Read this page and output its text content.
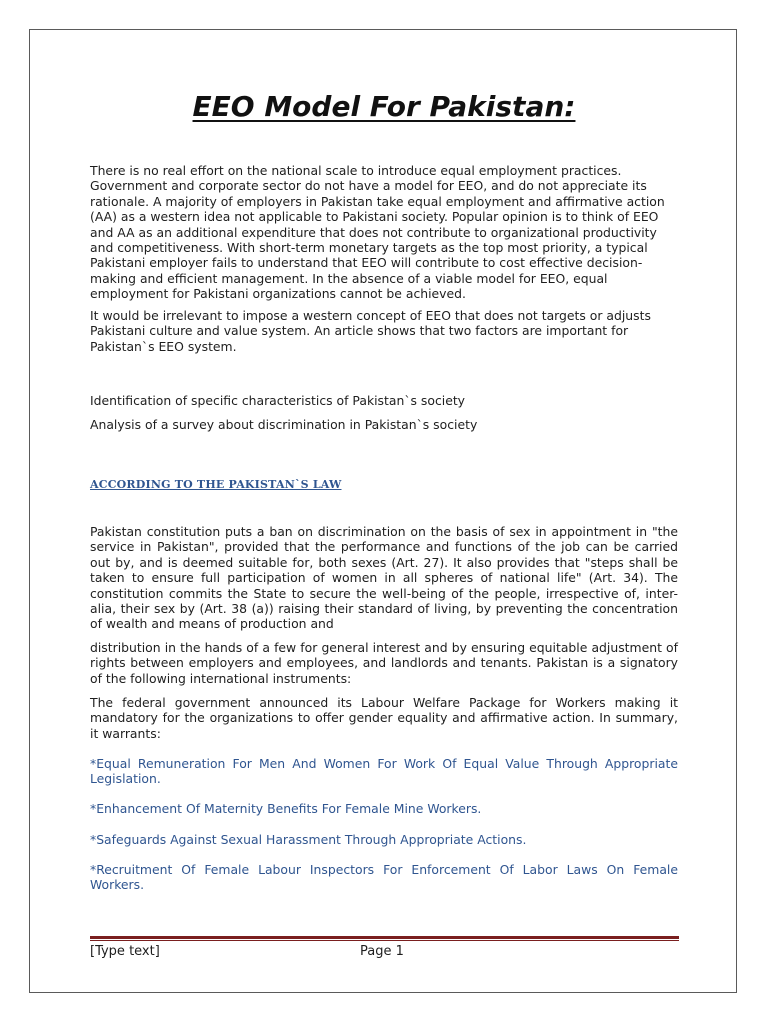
EEO Model For Pakistan:

There is no real effort on the national scale to introduce equal employment practices. Government and corporate sector do not have a model for EEO, and do not appreciate its rationale. A majority of employers in Pakistan take equal employment and affirmative action (AA) as a western idea not applicable to Pakistani society. Popular opinion is to think of EEO and AA as an additional expenditure that does not contribute to organizational productivity and competitiveness. With short-term monetary targets as the top most priority, a typical Pakistani employer fails to understand that EEO will contribute to cost effective decision-making and efficient management. In the absence of a viable model for EEO, equal employment for Pakistani organizations cannot be achieved.

It would be irrelevant to impose a western concept of EEO that does not targets or adjusts Pakistani culture and value system. An article shows that two factors are important for Pakistan`s EEO system.

Identification of specific characteristics of Pakistan`s society

Analysis of a survey about discrimination in Pakistan`s society

ACCORDING TO THE PAKISTAN`S LAW

Pakistan constitution puts a ban on discrimination on the basis of sex in appointment in "the service in Pakistan", provided that the performance and functions of the job can be carried out by, and is deemed suitable for, both sexes (Art. 27). It also provides that "steps shall be taken to ensure full participation of women in all spheres of national life" (Art. 34). The constitution commits the State to secure the well-being of the people, irrespective of, inter-alia, their sex by (Art. 38 (a)) raising their standard of living, by preventing the concentration of wealth and means of production and

distribution in the hands of a few for general interest and by ensuring equitable adjustment of rights between employers and employees, and landlords and tenants. Pakistan is a signatory of the following international instruments:

The federal government announced its Labour Welfare Package for Workers making it mandatory for the organizations to offer gender equality and affirmative action. In summary, it warrants:

*Equal Remuneration For Men And Women For Work Of Equal Value Through Appropriate Legislation.

*Enhancement Of Maternity Benefits For Female Mine Workers.

*Safeguards Against Sexual Harassment Through Appropriate Actions.

*Recruitment Of Female Labour Inspectors For Enforcement Of Labor Laws On Female Workers.

[Type text]	Page 1
